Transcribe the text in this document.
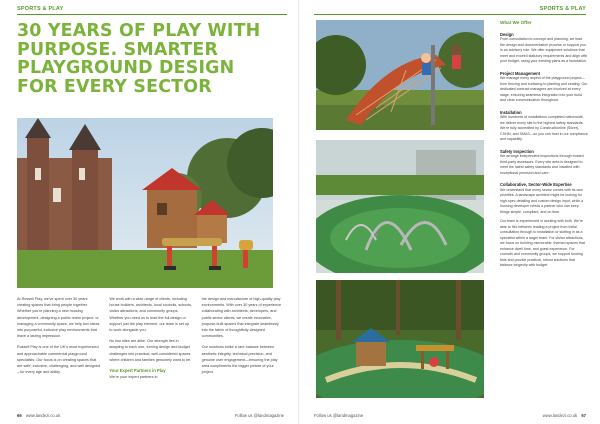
SPORTS & PLAY
30 YEARS OF PLAY WITH
PURPOSE. SMARTER
PLAYGROUND DESIGN
FOR EVERY SECTOR

At Russell Play, we've spent over 30 years creating spaces that bring people together. Whether you're planning a new housing development, designing a public realm project, or managing a community space, we help turn ideas into purposeful, inclusive play environments that leave a lasting impression.

Russell Play is one of the UK's most experienced and approachable commercial playground specialists. Our focus is on creating spaces that are safe, inclusive, challenging, and well designed – for every age and ability.

We work with a wide range of clients, including house builders, architects, local councils, schools, visitor attractions, and community groups. Whether you need us to lead the full design or support just the play element, our team is set up to work alongside you.

No two sites are alike. Our strength lies in adapting to each one, turning design and budget challenges into practical, well-considered spaces where children and families genuinely want to be.

Your Expert Partners in Play

We're your expert partners in

the design and manufacture of high-quality play environments. With over 30 years of experience collaborating with architects, developers, and public sector clients, we create innovative, purpose-built spaces that integrate seamlessly into the fabric of thoughtfully designed communities.

Our solutions strike a rare balance between aesthetic integrity, technical precision, and genuine user engagement—ensuring the play area compliments the bigger picture of your project.

66 www.landezi.co.uk	Follow us @landmagazine
SPORTS & PLAY
What We Offer
Design

From consultation to concept and planning, we lead the design and documentation process or support you in an advisory role. We offer equipment solutions that meet and exceed statutory requirements and align with your budget, using your existing plans as a foundation.

Project Management

We manage every aspect of the playground project—from fencing and surfacing to planting and seating. Our dedicated contract managers are involved at every stage, ensuring seamless integration into your build and clear communication throughout.

Installation

With hundreds of installations completed nationwide, we deliver every site to the highest safety standards. We're fully accredited by Constructionline (Silver), CSHM, and SMAS—so you can trust in our compliance and capability.

Safety Inspection

We arrange independent inspections through trusted third-party assessors. Every site area is designed to meet the latest safety standards and installed with exceptional precision and care.

Collaborative, Sector-Wide Expertise

We understand that every sector comes with its own priorities. A landscape architect might be looking for high-spec detailing and custom design input, while a housing developer needs a partner who can keep things simple, compliant, and on time.

Our team is experienced in working with both. We're able to flex between leading a project from initial consultation through to installation or slotting in as a specialist within a larger team. For visitor attractions, we focus on building memorable, themed spaces that enhance dwell time, and guest experience. For councils and community groups, we support funding bids and provide practical, robust solutions that balance longevity with budget.

Follow us @landmagazine	www.landezi.co.uk 67
